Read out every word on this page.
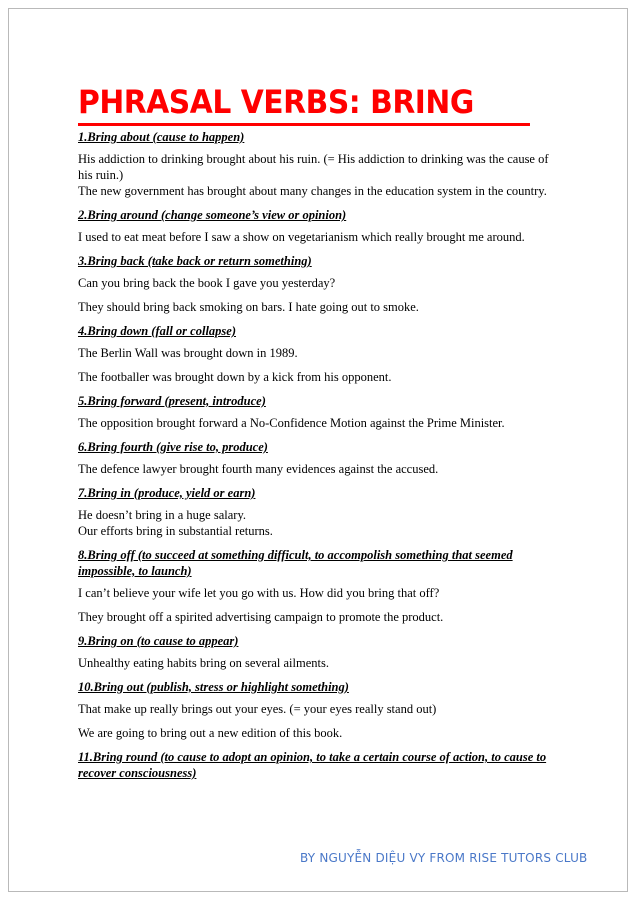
PHRASAL VERBS: BRING
1.Bring about (cause to happen)
His addiction to drinking brought about his ruin. (= His addiction to drinking was the cause of his ruin.)
The new government has brought about many changes in the education system in the country.
2.Bring around (change someone’s view or opinion)
I used to eat meat before I saw a show on vegetarianism which really brought me around.
3.Bring back (take back or return something)
Can you bring back the book I gave you yesterday?
They should bring back smoking on bars. I hate going out to smoke.
4.Bring down (fall or collapse)
The Berlin Wall was brought down in 1989.
The footballer was brought down by a kick from his opponent.
5.Bring forward (present, introduce)
The opposition brought forward a No-Confidence Motion against the Prime Minister.
6.Bring fourth (give rise to, produce)
The defence lawyer brought fourth many evidences against the accused.
7.Bring in (produce, yield or earn)
He doesn’t bring in a huge salary.
Our efforts bring in substantial returns.
8.Bring off (to succeed at something difficult, to accompolish something that seemed impossible, to launch)
I can’t believe your wife let you go with us. How did you bring that off?
They brought off a spirited advertising campaign to promote the product.
9.Bring on (to cause to appear)
Unhealthy eating habits bring on several ailments.
10.Bring out (publish, stress or highlight something)
That make up really brings out your eyes. (= your eyes really stand out)
We are going to bring out a new edition of this book.
11.Bring round (to cause to adopt an opinion, to take a certain course of action, to cause to recover consciousness)
BY NGUYỄN DIỆU VY FROM RISE TUTORS CLUB
